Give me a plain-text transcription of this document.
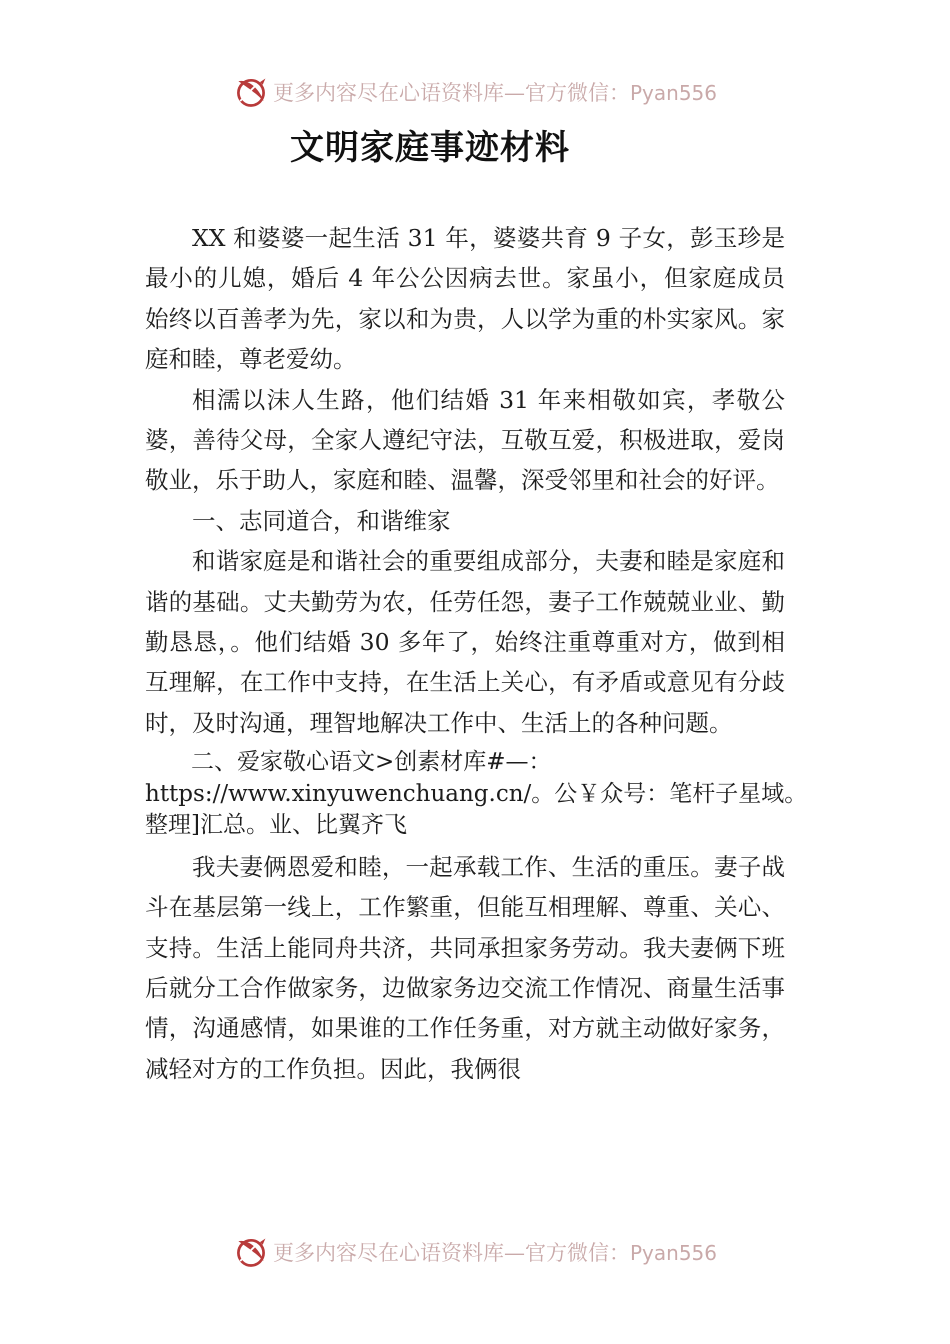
更多内容尽在心语资料库—官方微信：Pyan556
文明家庭事迹材料

XX 和婆婆一起生活 31 年，婆婆共育 9 子女，彭玉珍是最小的儿媳，婚后 4 年公公因病去世。家虽小，但家庭成员始终以百善孝为先，家以和为贵，人以学为重的朴实家风。家庭和睦，尊老爱幼。

相濡以沫人生路，他们结婚 31 年来相敬如宾，孝敬公婆，善待父母，全家人遵纪守法，互敬互爱，积极进取，爱岗敬业，乐于助人，家庭和睦、温馨，深受邻里和社会的好评。

一、志同道合，和谐维家

和谐家庭是和谐社会的重要组成部分，夫妻和睦是家庭和谐的基础。丈夫勤劳为农，任劳任怨，妻子工作兢兢业业、勤勤恳恳，。他们结婚 30 多年了，始终注重尊重对方，做到相互理解，在工作中支持，在生活上关心，有矛盾或意见有分歧时，及时沟通，理智地解决工作中、生活上的各种问题。

二、爱家敬心语文>创素材库#—：https://www.xinyuwenchuang.cn/。公￥众号：笔杆子星域。整理]汇总。业、比翼齐飞

我夫妻俩恩爱和睦，一起承载工作、生活的重压。妻子战斗在基层第一线上，工作繁重，但能互相理解、尊重、关心、支持。生活上能同舟共济，共同承担家务劳动。我夫妻俩下班后就分工合作做家务，边做家务边交流工作情况、商量生活事情，沟通感情，如果谁的工作任务重，对方就主动做好家务，减轻对方的工作负担。因此，我俩很

更多内容尽在心语资料库—官方微信：Pyan556
